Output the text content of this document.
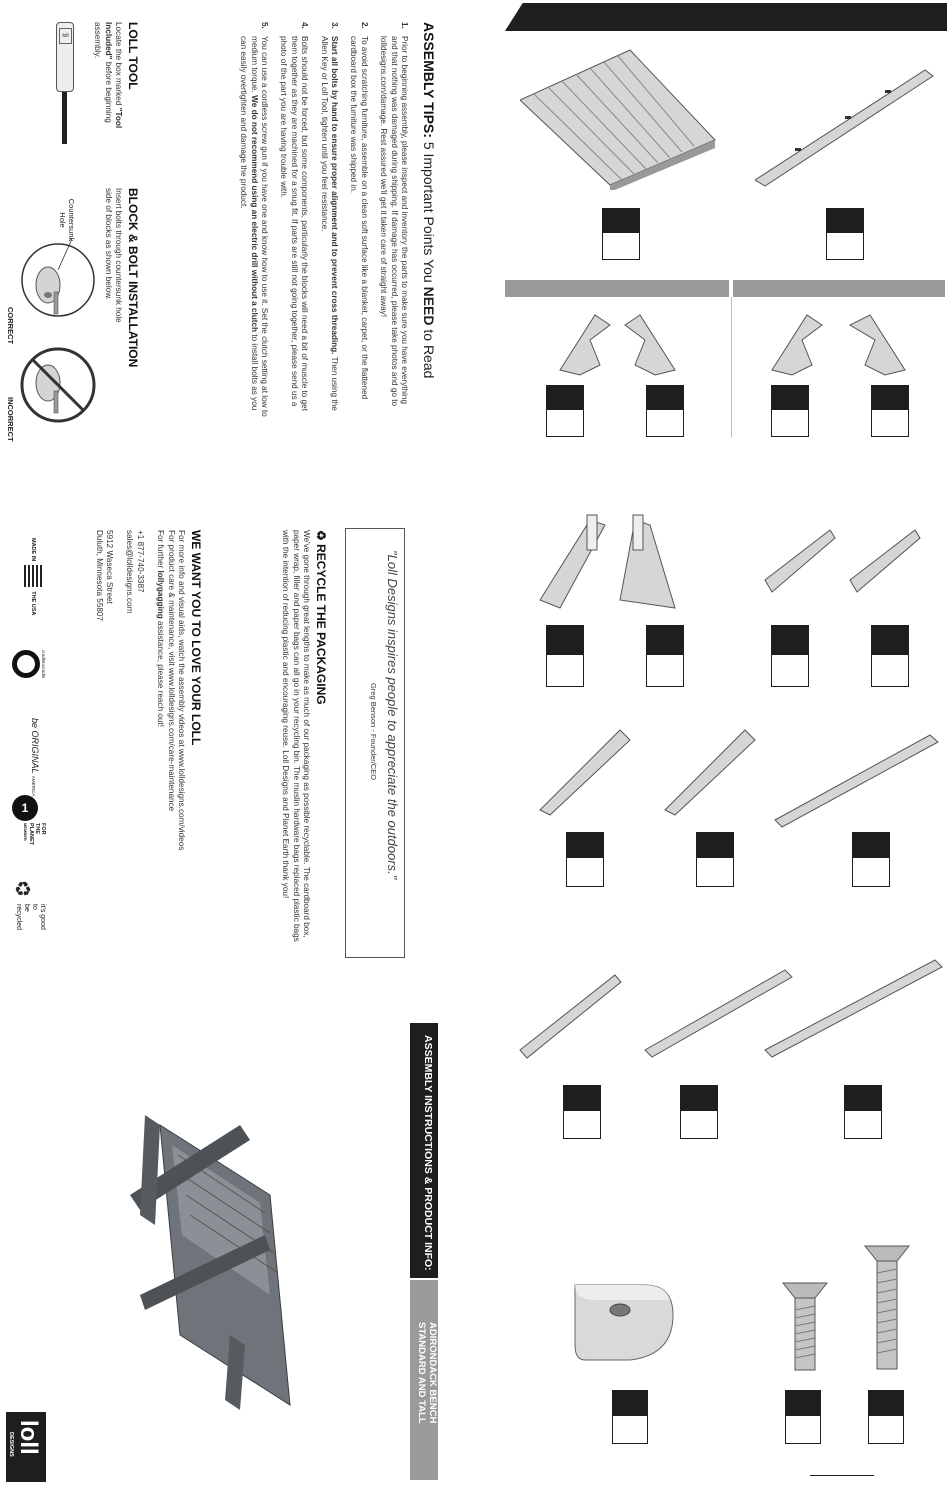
ASSEMBLY TIPS: 5 Important Points You NEED to Read
1.
Prior to beginning assembly, please inspect and inventory the parts to make sure you have everything and that nothing was damaged during shipping. If damage has occurred, please take photos and go to lolldesigns.com/damage. Rest assured we'll get it taken care of straight away!
2.
To avoid scratching furniture, assemble on a clean soft surface like a blanket, carpet, or the flattened cardboard box the furniture was shipped in.
3.
Start all bolts by hand to ensure proper alignment and to prevent cross threading. Then using the Allen Key or Loll Tool, tighten until you feel resistance.
4.
Bolts should not be forced, but some components, particularly the blocks will need a bit of muscle to get them together as they are machined for a snug fit. If parts are still not going together, please send us a photo of the part you are having trouble with.
5.
You can use a cordless screw gun if you have one and know how to use it. Set the clutch setting at low to medium torque. We do not recommend using an electric drill without a clutch to install bolts as you can easily overtighten and damage the product.
LOLL TOOL
Locate the box marked "Tool Included" before beginning assembly.
loll
BLOCK & BOLT INSTALLATION
Insert bolts through countersunk hole side of blocks as shown below.
Countersunk
Hole
CORRECT
INCORRECT
"Loll Designs inspires people to appreciate the outdoors."
Greg Benson - Founder/CEO
♻ RECYCLE THE PACKAGING
We've gone through great lengths to make as much of our packaging as possible recyclable. The cardboard box, paper wrap, filler and paper bags can all go in your recycling bin. The muslin hardware bags replaced plastic bags with the intention of reducing plastic and encouraging reuse. Loll Designs and Planet Earth thank you!
WE WANT YOU TO LOVE YOUR LOLL
For more info and visual aids, watch the assembly videos at www.lolldesigns.com/videos
For product care & maintenance, visit www.lolldesigns.com/care-maintenance
For further lollygagging assistance, please reach out!
+1 877-740-3387
sales@lolldesigns.com
5912 Waseca Street
Duluth, Minnesota 55807
MADE IN
THE USA
cradletocradle
be ORIGINAL AMERICA
1
FOR THE
PLANET
MEMBER
♻
it's good to
be recycled
ASSEMBLY INSTRUCTIONS & PRODUCT INFO:
ADIRONDACK BENCH
STANDARD AND TALL
loll
DESIGNS
